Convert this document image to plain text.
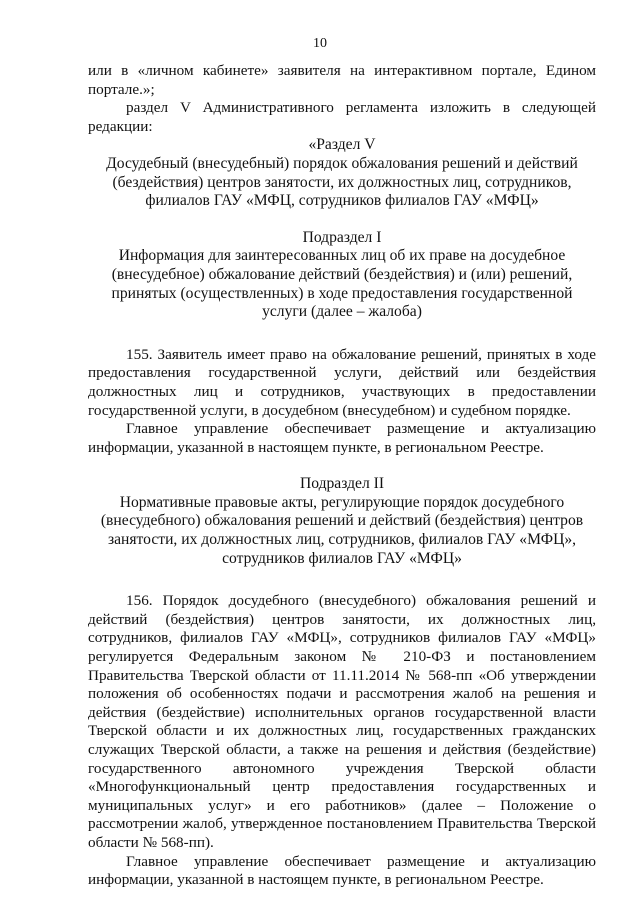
10

или в «личном кабинете» заявителя на интерактивном портале, Едином портале.»;

раздел V Административного регламента изложить в следующей редакции:

«Раздел V

Досудебный (внесудебный) порядок обжалования решений и действий (бездействия) центров занятости, их должностных лиц, сотрудников, филиалов ГАУ «МФЦ, сотрудников филиалов ГАУ «МФЦ»

Подраздел I

Информация для заинтересованных лиц об их праве на досудебное (внесудебное) обжалование действий (бездействия) и (или) решений, принятых (осуществленных) в ходе предоставления государственной услуги (далее – жалоба)

155. Заявитель имеет право на обжалование решений, принятых в ходе предоставления государственной услуги, действий или бездействия должностных лиц и сотрудников, участвующих в предоставлении государственной услуги, в досудебном (внесудебном) и судебном порядке.

Главное управление обеспечивает размещение и актуализацию информации, указанной в настоящем пункте, в региональном Реестре.

Подраздел II

Нормативные правовые акты, регулирующие порядок досудебного (внесудебного) обжалования решений и действий (бездействия) центров занятости, их должностных лиц, сотрудников, филиалов ГАУ «МФЦ», сотрудников филиалов ГАУ «МФЦ»

156. Порядок досудебного (внесудебного) обжалования решений и действий (бездействия) центров занятости, их должностных лиц, сотрудников, филиалов ГАУ «МФЦ», сотрудников филиалов ГАУ «МФЦ» регулируется Федеральным законом № 210-ФЗ и постановлением Правительства Тверской области от 11.11.2014 № 568-пп «Об утверждении положения об особенностях подачи и рассмотрения жалоб на решения и действия (бездействие) исполнительных органов государственной власти Тверской области и их должностных лиц, государственных гражданских служащих Тверской области, а также на решения и действия (бездействие) государственного автономного учреждения Тверской области «Многофункциональный центр предоставления государственных и муниципальных услуг» и его работников» (далее – Положение о рассмотрении жалоб, утвержденное постановлением Правительства Тверской области № 568-пп).

Главное управление обеспечивает размещение и актуализацию информации, указанной в настоящем пункте, в региональном Реестре.
